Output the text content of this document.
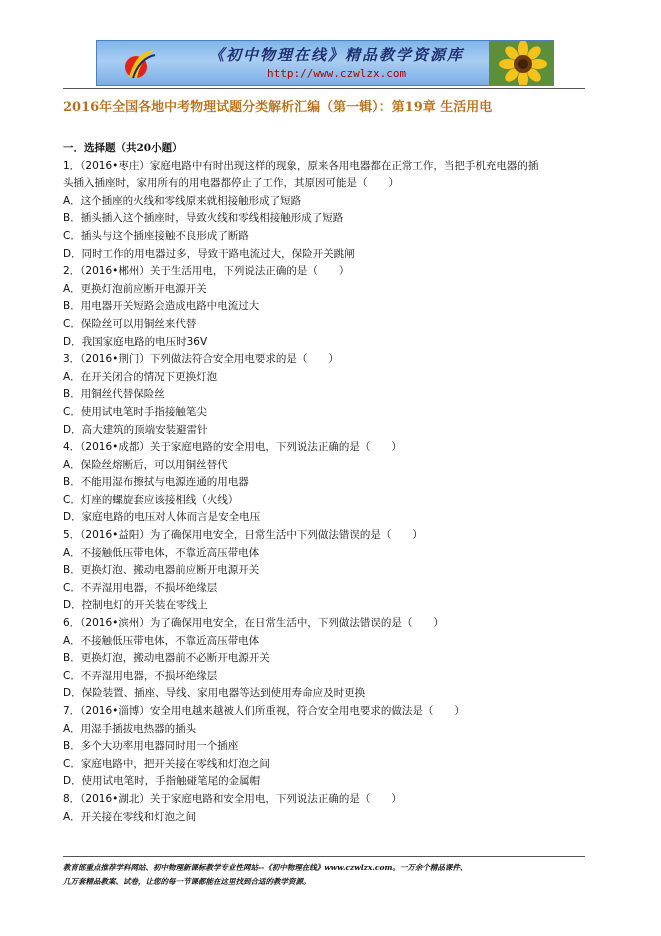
《初中物理在线》精品教学资源库
http://www.czwlzx.com
2016年全国各地中考物理试题分类解析汇编（第一辑）：第19章 生活用电
一．选择题（共20小题）
1．（2016•枣庄）家庭电路中有时出现这样的现象，原来各用电器都在正常工作，当把手机充电器的插
头插入插座时，家用所有的用电器都停止了工作，其原因可能是（　　）
A．这个插座的火线和零线原来就相接触形成了短路
B．插头插入这个插座时，导致火线和零线相接触形成了短路
C．插头与这个插座接触不良形成了断路
D．同时工作的用电器过多，导致干路电流过大，保险开关跳闸
2．（2016•郴州）关于生活用电，下列说法正确的是（　　）
A．更换灯泡前应断开电源开关
B．用电器开关短路会造成电路中电流过大
C．保险丝可以用铜丝来代替
D．我国家庭电路的电压时36V
3．（2016•荆门）下列做法符合安全用电要求的是（　　）
A．在开关闭合的情况下更换灯泡
B．用铜丝代替保险丝
C．使用试电笔时手指接触笔尖
D．高大建筑的顶端安装避雷针
4．（2016•成都）关于家庭电路的安全用电，下列说法正确的是（　　）
A．保险丝熔断后，可以用铜丝替代
B．不能用湿布擦拭与电源连通的用电器
C．灯座的螺旋套应该接相线（火线）
D．家庭电路的电压对人体而言是安全电压
5．（2016•益阳）为了确保用电安全，日常生活中下列做法错误的是（　　）
A．不接触低压带电体，不靠近高压带电体
B．更换灯泡、搬动电器前应断开电源开关
C．不弄湿用电器，不损坏绝缘层
D．控制电灯的开关装在零线上
6．（2016•滨州）为了确保用电安全，在日常生活中，下列做法错误的是（　　）
A．不接触低压带电体，不靠近高压带电体
B．更换灯泡，搬动电器前不必断开电源开关
C．不弄湿用电器，不损坏绝缘层
D．保险装置、插座、导线、家用电器等达到使用寿命应及时更换
7．（2016•淄博）安全用电越来越被人们所重视，符合安全用电要求的做法是（　　）
A．用湿手插拔电热器的插头
B．多个大功率用电器同时用一个插座
C．家庭电路中，把开关接在零线和灯泡之间
D．使用试电笔时，手指触碰笔尾的金属帽
8．（2016•湖北）关于家庭电路和安全用电，下列说法正确的是（　　）
A．开关接在零线和灯泡之间
教育部重点推荐学科网站、初中物理新课标教学专业性网站--《初中物理在线》www.czwlzx.com。一万余个精品课件、
几万套精品教案、试卷，让您的每一节课都能在这里找到合适的教学资源。
